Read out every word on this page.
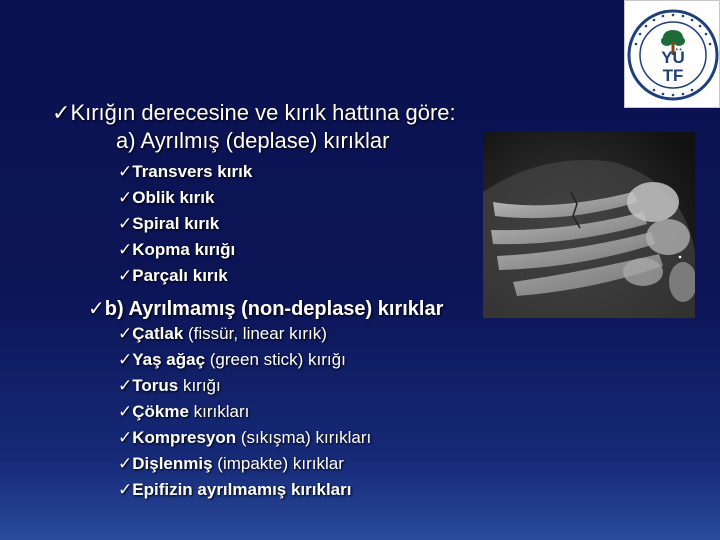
YÜ
TF
✓Kırığın derecesine ve kırık hattına göre:
a) Ayrılmış (deplase) kırıklar
✓Transvers kırık
✓Oblik kırık
✓Spiral kırık
✓Kopma kırığı
✓Parçalı kırık
✓b) Ayrılmamış (non-deplase) kırıklar
✓Çatlak (fissür, linear kırık)
✓Yaş ağaç (green stick) kırığı
✓Torus kırığı
✓Çökme kırıkları
✓Kompresyon (sıkışma) kırıkları
✓Dişlenmiş (impakte) kırıklar
✓Epifizin ayrılmamış kırıkları
